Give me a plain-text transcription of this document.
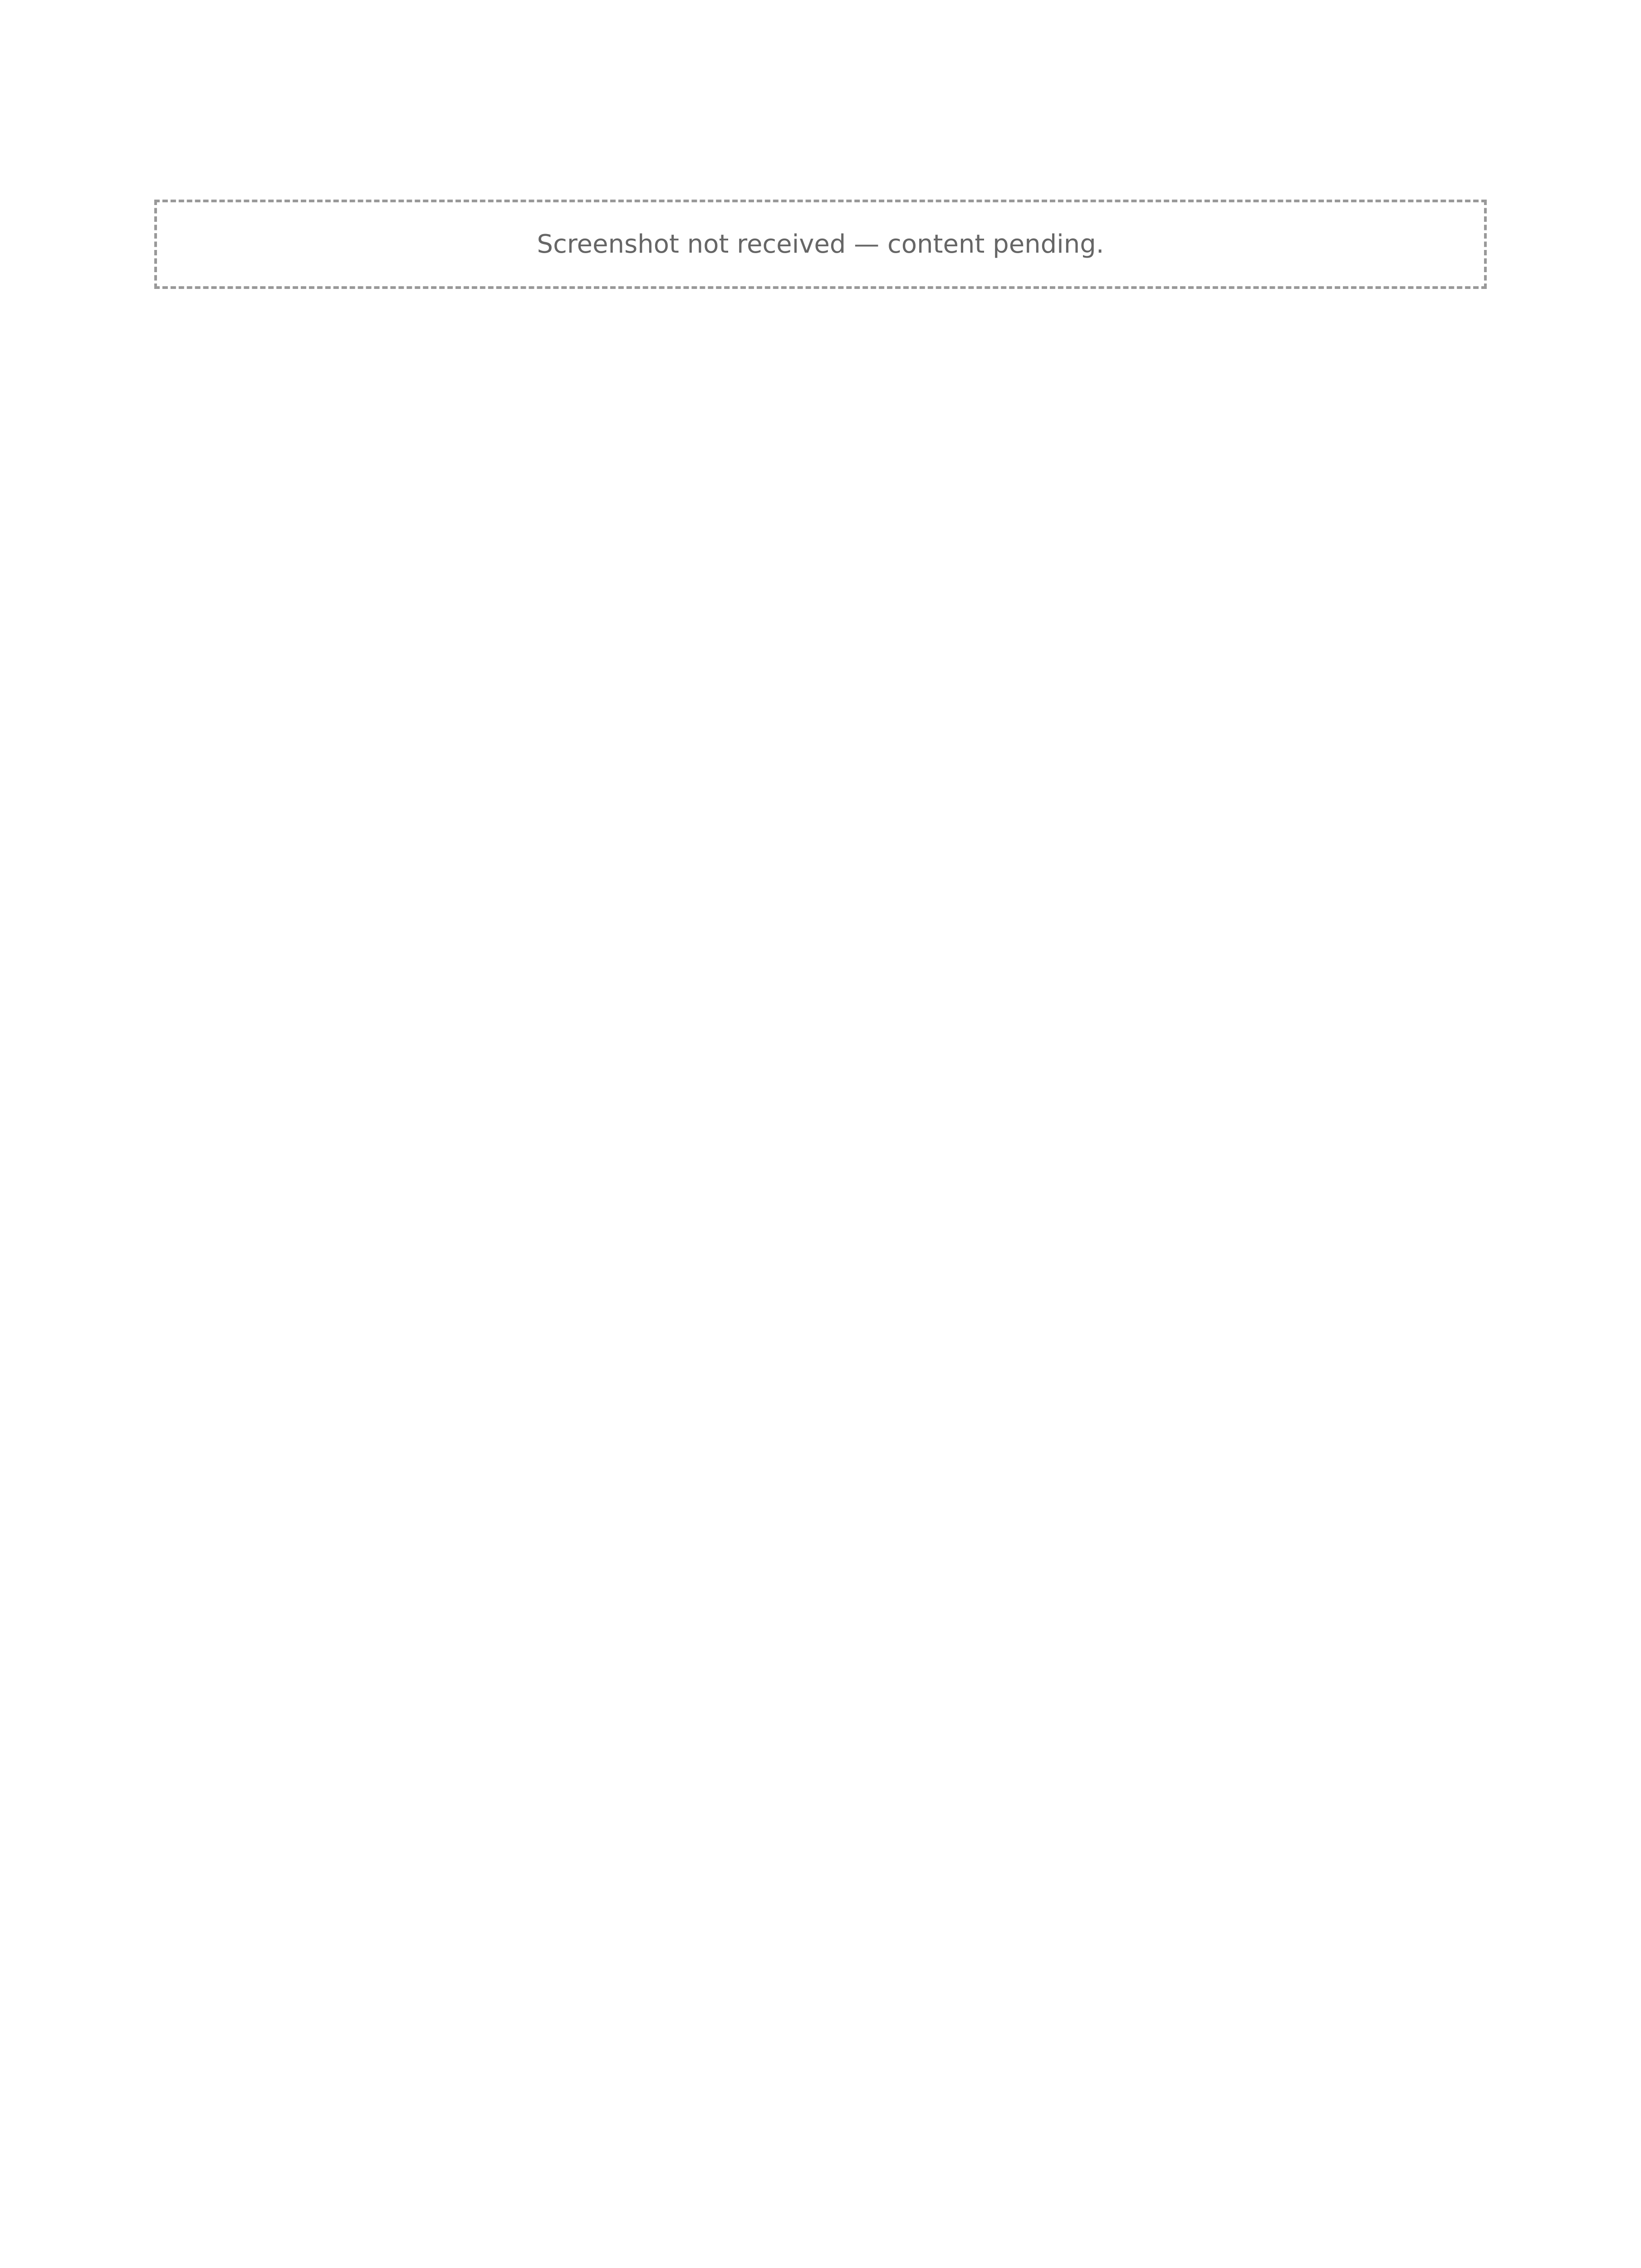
Screenshot not received — content pending.
